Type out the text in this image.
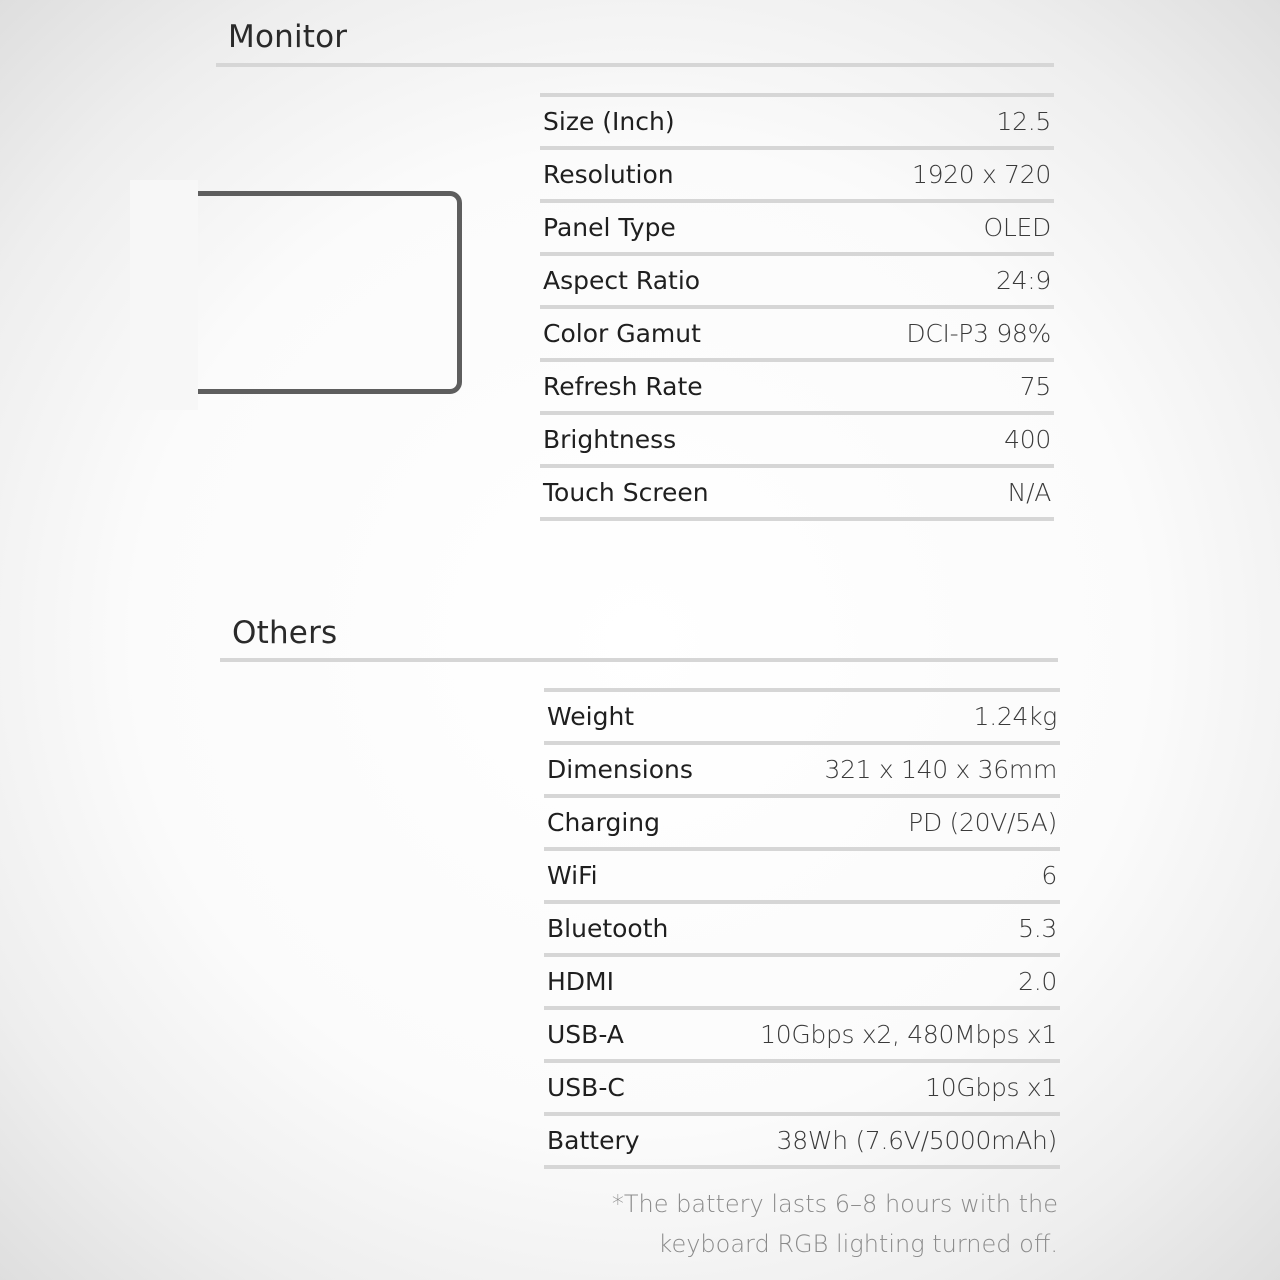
Monitor
Size (Inch)	12.5
Resolution	1920 x 720
Panel Type	OLED
Aspect Ratio	24:9
Color Gamut	DCI-P3 98%
Refresh Rate	75
Brightness	400
Touch Screen	N/A
Others
Weight	1.24kg
Dimensions	321 x 140 x 36mm
Charging	PD (20V/5A)
WiFi	6
Bluetooth	5.3
HDMI	2.0
USB-A	10Gbps x2, 480Mbps x1
USB-C	10Gbps x1
Battery	38Wh (7.6V/5000mAh)
*The battery lasts 6–8 hours with the
keyboard RGB lighting turned off.
